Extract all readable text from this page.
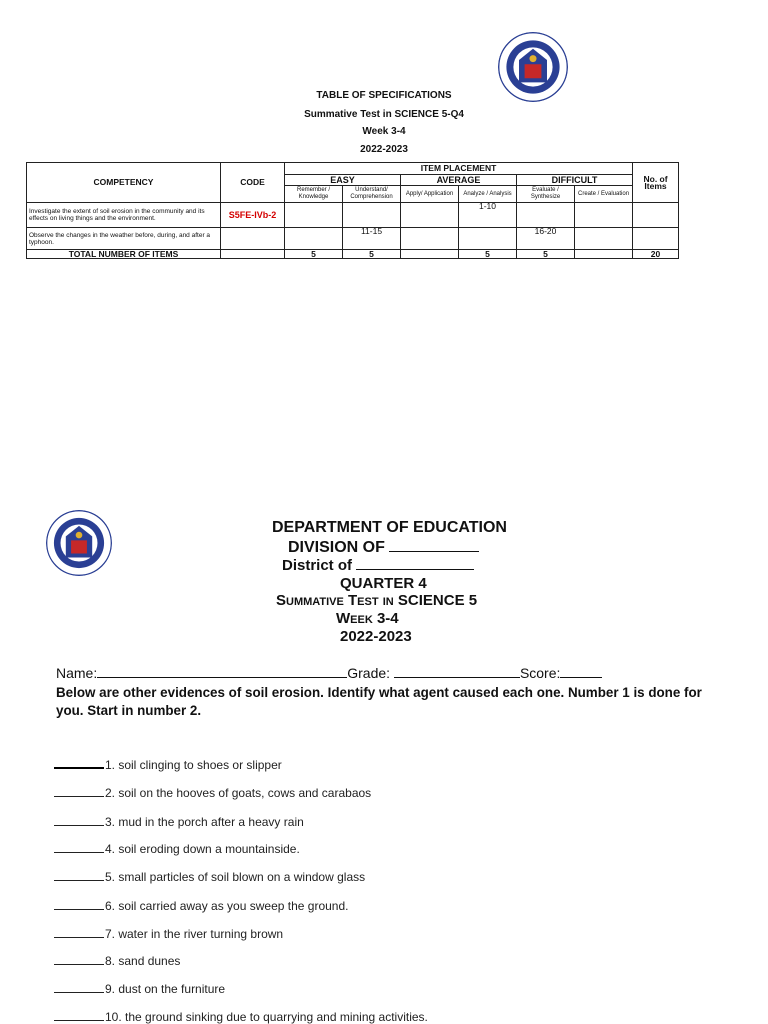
TABLE OF SPECIFICATIONS
Summative Test in SCIENCE 5-Q4
Week 3-4
2022-2023
COMPETENCY	CODE	ITEM PLACEMENT						No. of Items
		EASY		AVERAGE		DIFFICULT		
		Remember / Knowledge	Understand/ Comprehension	Apply/ Application	Analyze / Analysis	Evaluate / Synthesize	Create / Evaluation	
Investigate the extent of soil erosion in the community and its effects on living things and the environment.	S5FE-IVb-2				1-10			
Observe the changes in the weather before, during, and after a typhoon.			11-15			16-20		
TOTAL NUMBER OF ITEMS		5	5		5	5		20
DEPARTMENT OF EDUCATION
DIVISION OF
District of
QUARTER 4
Summative Test in SCIENCE 5
Week 3-4
2022-2023
Name:	Grade:	Score:
Below are other evidences of soil erosion. Identify what agent caused each one. Number 1 is done for you. Start in number 2.
1. soil clinging to shoes or slipper
2. soil on the hooves of goats, cows and carabaos
3. mud in the porch after a heavy rain
4. soil eroding down a mountainside.
5. small particles of soil blown on a window glass
6. soil carried away as you sweep the ground.
7. water in the river turning brown
8. sand dunes
9. dust on the furniture
10. the ground sinking due to quarrying and mining activities.
